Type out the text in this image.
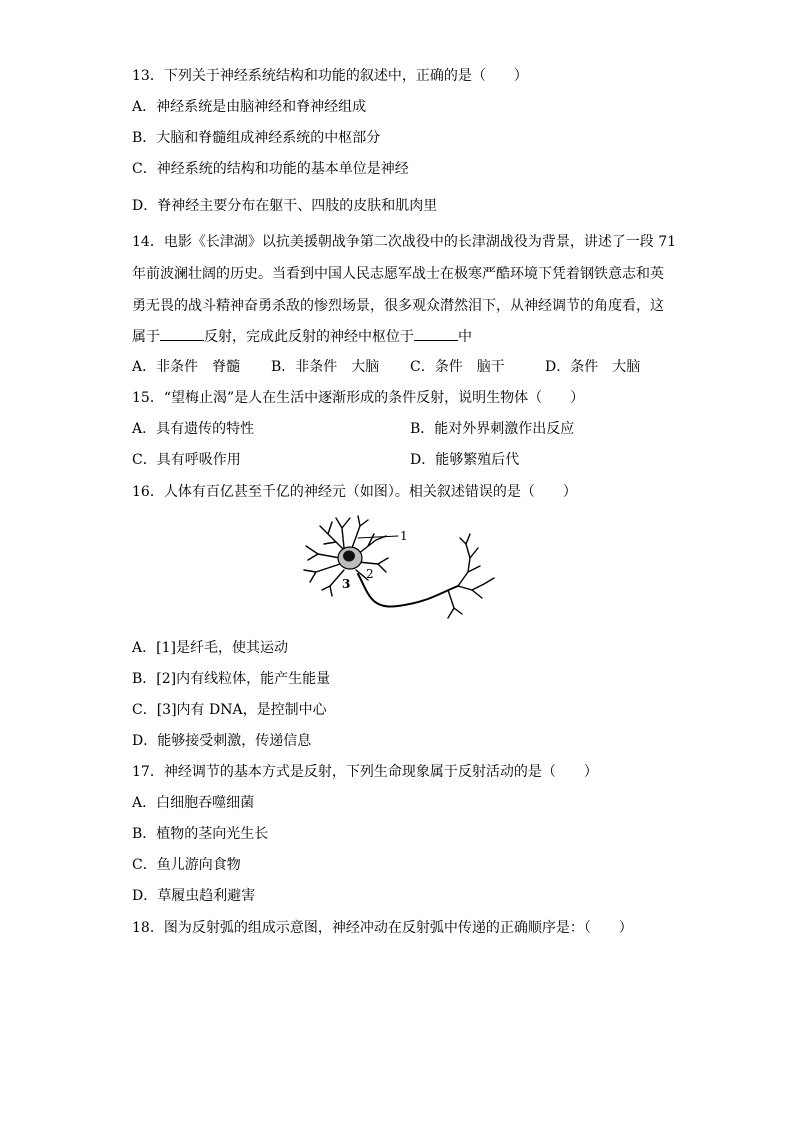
13．下列关于神经系统结构和功能的叙述中，正确的是（　　）
A．神经系统是由脑神经和脊神经组成
B．大脑和脊髓组成神经系统的中枢部分
C．神经系统的结构和功能的基本单位是神经
D．脊神经主要分布在躯干、四肢的皮肤和肌肉里
14．电影《长津湖》以抗美援朝战争第二次战役中的长津湖战役为背景，讲述了一段 71
年前波澜壮阔的历史。当看到中国人民志愿军战士在极寒严酷环境下凭着钢铁意志和英
勇无畏的战斗精神奋勇杀敌的惨烈场景，很多观众潸然泪下，从神经调节的角度看，这
属于	反射，完成此反射的神经中枢位于	中
A．非条件　脊髓 B．非条件　大脑 C．条件　脑干	D．条件　大脑
15．“望梅止渴”是人在生活中逐渐形成的条件反射，说明生物体（　　）
A．具有遗传的特性	B．能对外界刺激作出反应
C．具有呼吸作用	D．能够繁殖后代
16．人体有百亿甚至千亿的神经元（如图）。相关叙述错误的是（　　）
1
2
3
A．[1]是纤毛，使其运动
B．[2]内有线粒体，能产生能量
C．[3]内有 DNA，是控制中心
D．能够接受刺激，传递信息
17．神经调节的基本方式是反射，下列生命现象属于反射活动的是（　　）
A．白细胞吞噬细菌
B．植物的茎向光生长
C．鱼儿游向食物
D．草履虫趋利避害
18．图为反射弧的组成示意图，神经冲动在反射弧中传递的正确顺序是：（　　）
